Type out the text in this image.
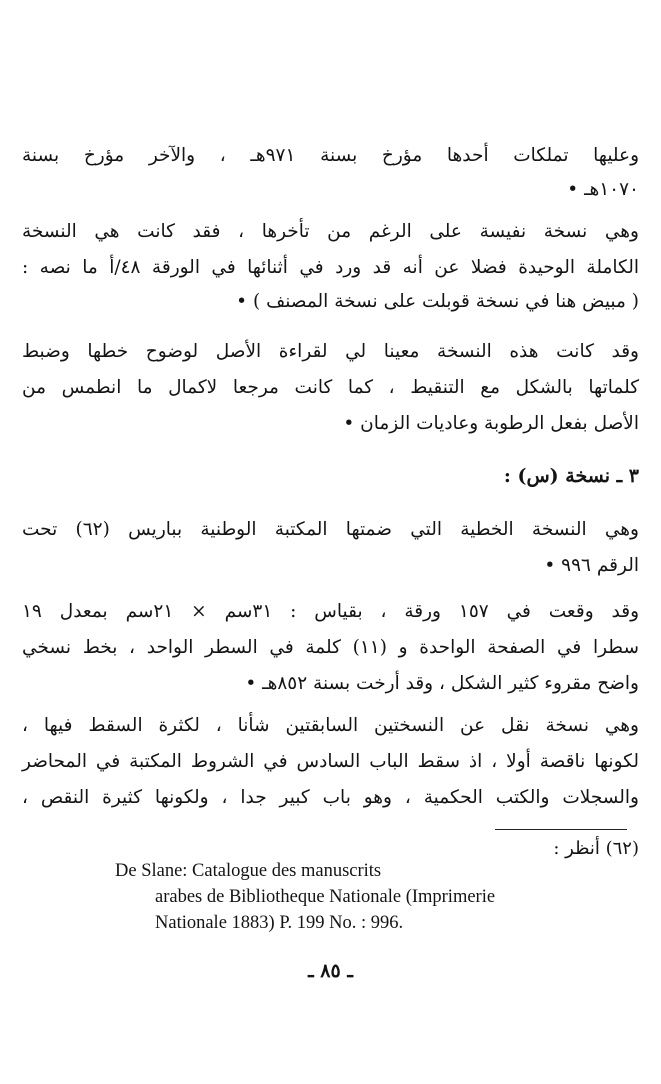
وعليها تملكات أحدها مؤرخ بسنة ٩٧١هـ ، والآخر مؤرخ بسنة
١٠٧٠هـ •
وهي نسخة نفيسة على الرغم من تأخرها ، فقد كانت هي النسخة
الكاملة الوحيدة فضلا عن أنه قد ورد في أثنائها في الورقة ٤٨/أ ما نصه :
( مبيض هنا في نسخة قوبلت على نسخة المصنف ) •
وقد كانت هذه النسخة معينا لي لقراءة الأصل لوضوح خطها وضبط
كلماتها بالشكل مع التنقيط ، كما كانت مرجعا لاكمال ما انطمس من
الأصل بفعل الرطوبة وعاديات الزمان •
٣ ـ نسخة (س) :
وهي النسخة الخطية التي ضمتها المكتبة الوطنية بباريس (٦٢) تحت
الرقم ٩٩٦ •
وقد وقعت في ١٥٧ ورقة ، بقياس : ٣١سم × ٢١سم بمعدل ١٩
سطرا في الصفحة الواحدة و (١١) كلمة في السطر الواحد ، بخط نسخي
واضح مقروء كثير الشكل ، وقد أرخت بسنة ٨٥٢هـ •
وهي نسخة نقل عن النسختين السابقتين شأنا ، لكثرة السقط فيها ،
لكونها ناقصة أولا ، اذ سقط الباب السادس في الشروط المكتبة في المحاضر
والسجلات والكتب الحكمية ، وهو باب كبير جدا ، ولكونها كثيرة النقص ،
(٦٢) أنظر :
De Slane: Catalogue des manuscrits
arabes de Bibliotheque Nationale (Imprimerie
Nationale 1883) P. 199 No. : 996.
ـ ٨٥ ـ
